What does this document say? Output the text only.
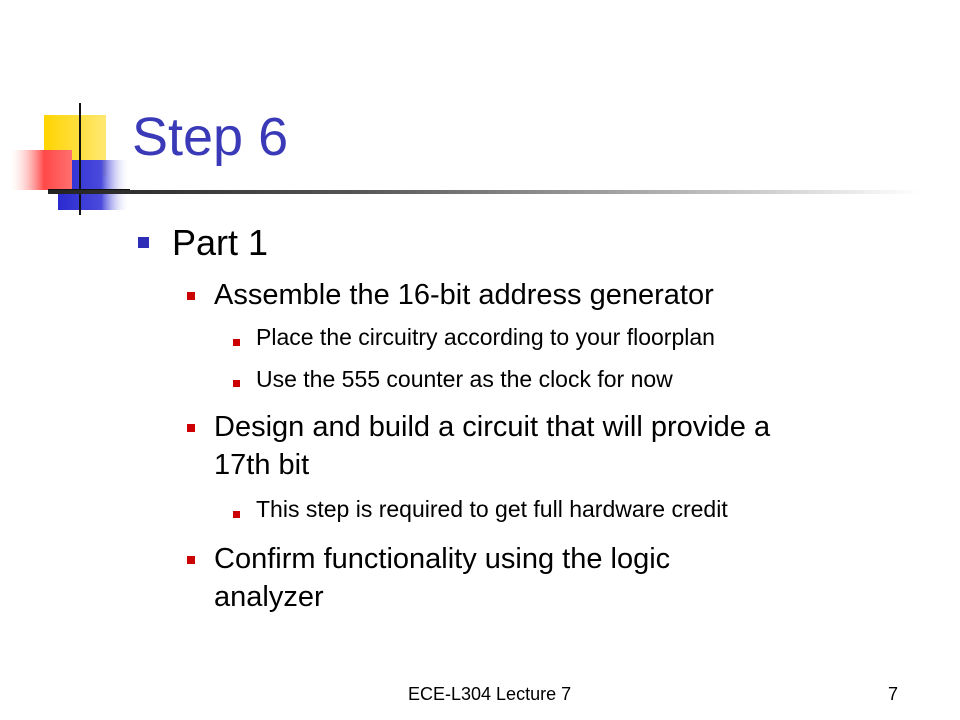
Step 6
Part 1
Assemble the 16-bit address generator
Place the circuitry according to your floorplan
Use the 555 counter as the clock for now
Design and build a circuit that will provide a
17th bit
This step is required to get full hardware credit
Confirm functionality using the logic
analyzer
ECE-L304 Lecture 7	7
